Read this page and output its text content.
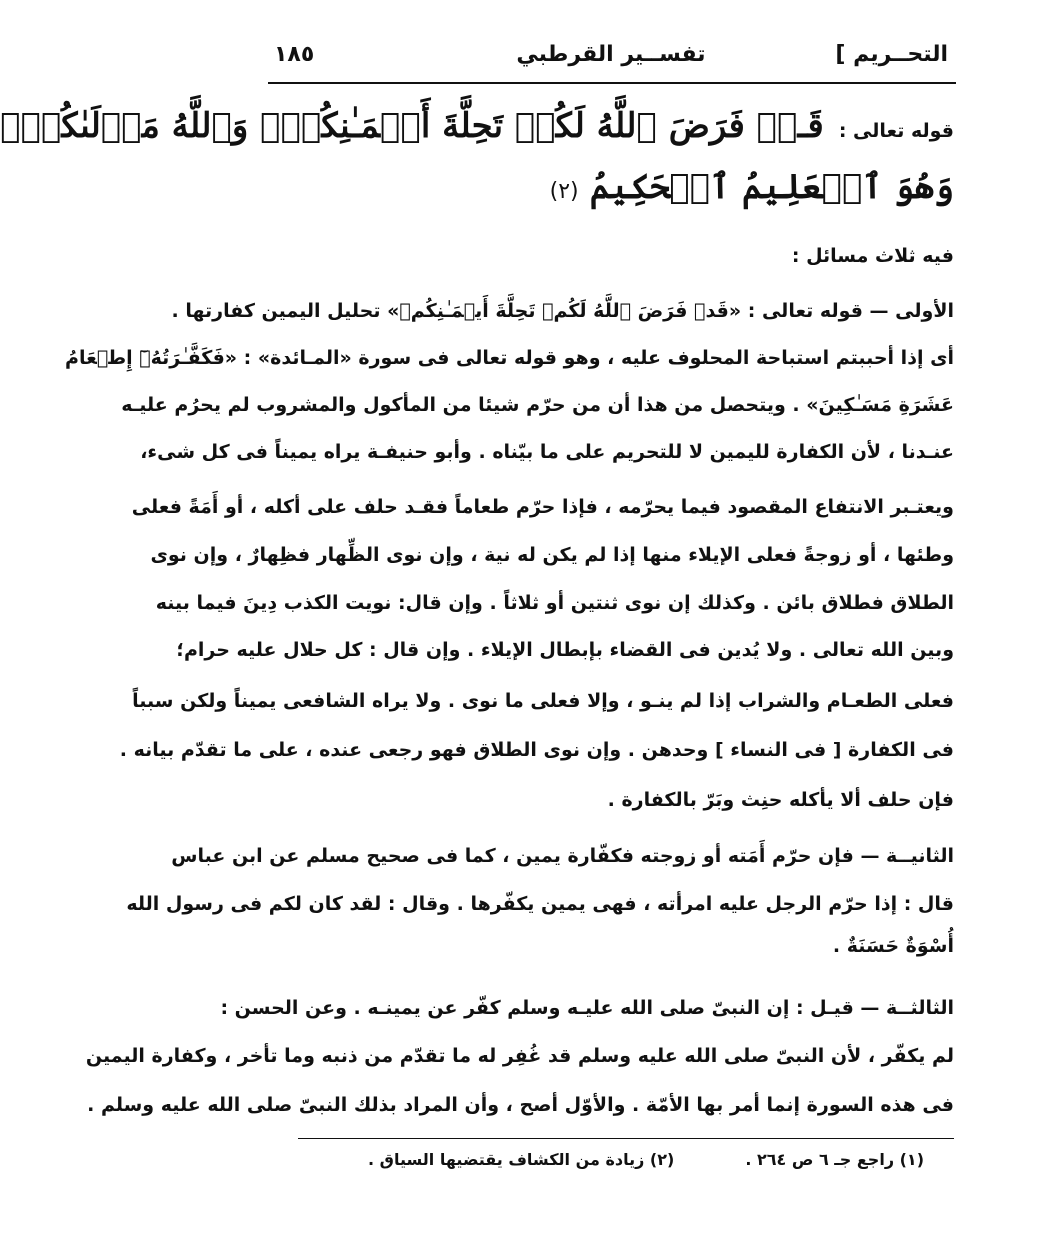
التحــريم ]
تفســير القرطبي
١٨٥
قوله تعالى : قَـدۡ فَرَضَ ٱللَّهُ لَكُمۡ تَحِلَّةَ أَيۡمَـٰنِكُمۡۚ وَٱللَّهُ مَوۡلَىٰكُمۡۖ
وَهُوَ ٱلۡعَلِيمُ ٱلۡحَكِيمُ (٢)
فيه ثلاث مسائل :
الأولى — قوله تعالى : «قَدۡ فَرَضَ ٱللَّهُ لَكُمۡ تَحِلَّةَ أَيۡمَـٰنِكُمۡ» تحليل اليمين كفارتها .
أى إذا أحببتم استباحة المحلوف عليه ، وهو قوله تعالى فى سورة «المـائدة» : «فَكَفَّـٰرَتُهُۥٓ إِطۡعَامُ
عَشَرَةِ مَسَـٰكِينَ» . ويتحصل من هذا أن من حرّم شيئا من المأكول والمشروب لم يحرُم عليـه
عنـدنا ، لأن الكفارة لليمين لا للتحريم على ما بيّناه . وأبو حنيفـة يراه يميناً فى كل شىء،
ويعتـبر الانتفاع المقصود فيما يحرّمه ، فإذا حرّم طعاماً فقـد حلف على أكله ، أو أَمَةً فعلى
وطئها ، أو زوجةً فعلى الإيلاء منها إذا لم يكن له نية ، وإن نوى الظِّهار فظِهارٌ ، وإن نوى
الطلاق فطلاق بائن . وكذلك إن نوى ثنتين أو ثلاثاً . وإن قال: نويت الكذب دِينَ فيما بينه
وبين الله تعالى . ولا يُدين فى القضاء بإبطال الإيلاء . وإن قال : كل حلال عليه حرام؛
فعلى الطعـام والشراب إذا لم ينـو ، وإلا فعلى ما نوى . ولا يراه الشافعى يميناً ولكن سبباً
فى الكفارة [ فى النساء ] وحدهن . وإن نوى الطلاق فهو رجعى عنده ، على ما تقدّم بيانه .
فإن حلف ألا يأكله حنِث وبَرّ بالكفارة .
الثانيــة — فإن حرّم أَمَته أو زوجته فكفّارة يمين ، كما فى صحيح مسلم عن ابن عباس
قال : إذا حرّم الرجل عليه امرأته ، فهى يمين يكفّرها . وقال : لقد كان لكم فى رسول الله
أُسْوَةٌ حَسَنَةٌ .
الثالثــة — قيـل : إن النبىّ صلى الله عليـه وسلم كفّر عن يمينـه . وعن الحسن :
لم يكفّر ، لأن النبىّ صلى الله عليه وسلم قد غُفِر له ما تقدّم من ذنبه وما تأخر ، وكفارة اليمين
فى هذه السورة إنما أمر بها الأمّة . والأوّل أصح ، وأن المراد بذلك النبىّ صلى الله عليه وسلم .
(١) راجع جـ ٦ ص ٢٦٤ .
(٢) زيادة من الكشاف يقتضيها السياق .
